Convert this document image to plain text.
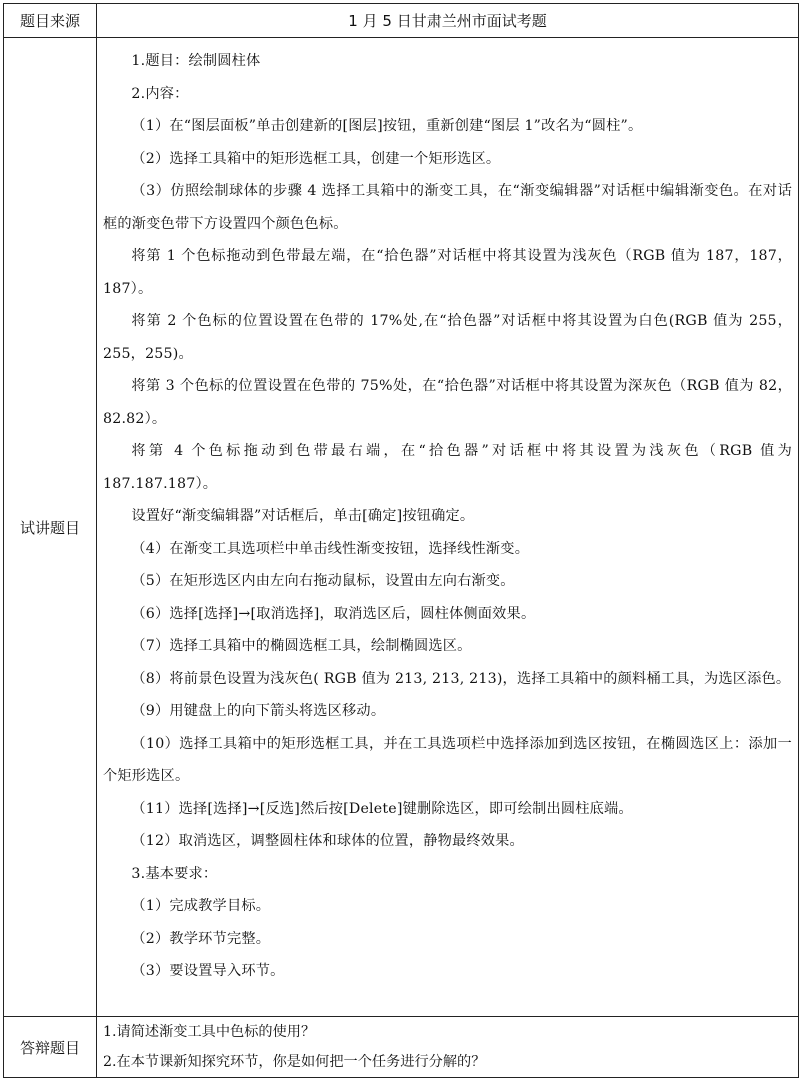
题目来源	1 月 5 日甘肃兰州市面试考题
试讲题目

1.题目：绘制圆柱体

2.内容：

（1）在“图层面板”单击创建新的[图层]按钮，重新创建“图层 1”改名为“圆柱”。

（2）选择工具箱中的矩形选框工具，创建一个矩形选区。

（3）仿照绘制球体的步骤 4 选择工具箱中的渐变工具，在“渐变编辑器”对话框中编辑渐变色。在对话框的渐变色带下方设置四个颜色色标。

将第 1 个色标拖动到色带最左端，在“拾色器”对话框中将其设置为浅灰色（RGB 值为 187，187，187）。

将第 2 个色标的位置设置在色带的 17%处,在“拾色器”对话框中将其设置为白色(RGB 值为 255，255，255)。

将第 3 个色标的位置设置在色带的 75%处，在“拾色器”对话框中将其设置为深灰色（RGB 值为 82，82.82）。

将第 4 个色标拖动到色带最右端，在“拾色器”对话框中将其设置为浅灰色（RGB 值为 187.187.187）。

设置好“渐变编辑器”对话框后，单击[确定]按钮确定。

（4）在渐变工具选项栏中单击线性渐变按钮，选择线性渐变。

（5）在矩形选区内由左向右拖动鼠标，设置由左向右渐变。

（6）选择[选择]→[取消选择]，取消选区后，圆柱体侧面效果。

（7）选择工具箱中的椭圆选框工具，绘制椭圆选区。

（8）将前景色设置为浅灰色( RGB 值为 213, 213, 213)，选择工具箱中的颜料桶工具，为选区添色。

（9）用键盘上的向下箭头将选区移动。

（10）选择工具箱中的矩形选框工具，并在工具选项栏中选择添加到选区按钮，在椭圆选区上：添加一个矩形选区。

（11）选择[选择]→[反选]然后按[Delete]键删除选区，即可绘制出圆柱底端。

（12）取消选区，调整圆柱体和球体的位置，静物最终效果。

3.基本要求：

（1）完成教学目标。

（2）教学环节完整。

（3）要设置导入环节。

答辩题目

1.请简述渐变工具中色标的使用？

2.在本节课新知探究环节，你是如何把一个任务进行分解的？
